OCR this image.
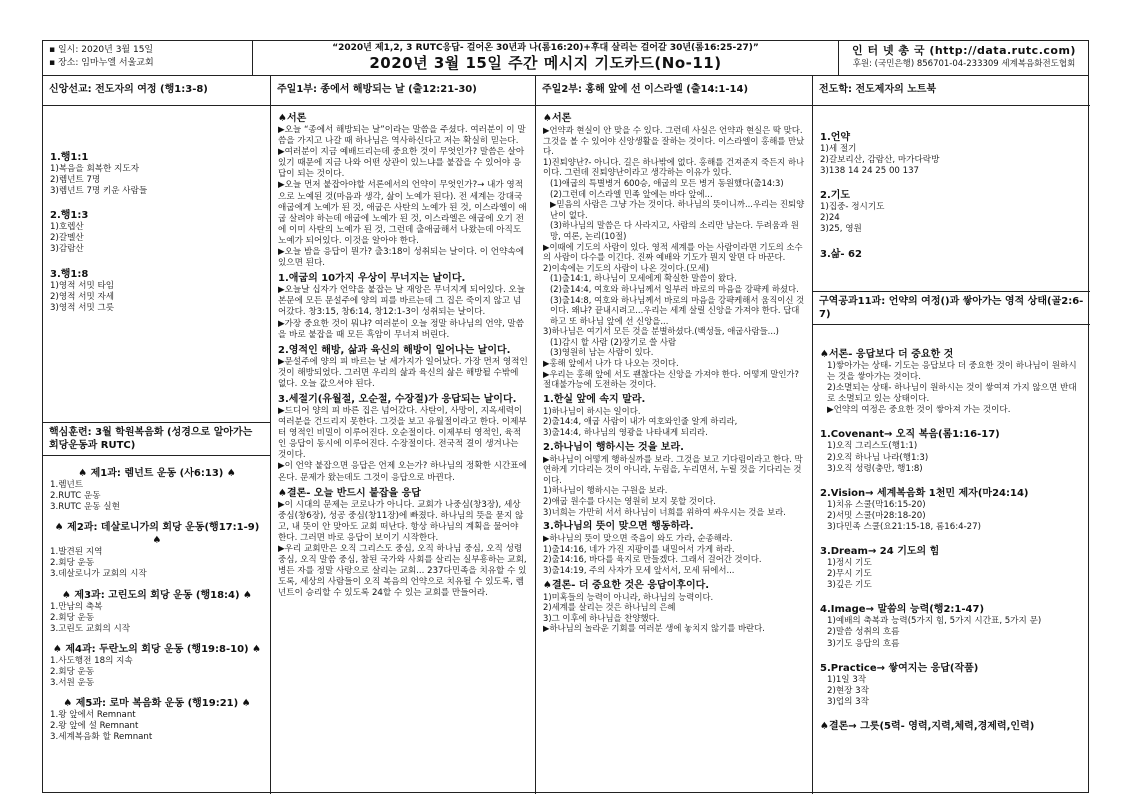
▪ 일시: 2020년 3월 15일
▪ 장소: 임마누엘 서울교회
“2020년 제1,2, 3 RUTC응답- 걸어온 30년과 나(롬16:20)+후대 살리는 걸어갈 30년(롬16:25-27)”
2020년 3월 15일 주간 메시지 기도카드(No-11)
인 터 넷 총 국 (http://data.rutc.com)
후원: (국민은행) 856701-04-233309 세계복음화전도협회
신앙선교: 전도자의 여정 (행1:3-8)
1.행1:1

1)복음을 회복한 지도자

2)렘넌트 7명

3)렘넌트 7명 키운 사람들

2.행1:3

1)호렙산

2)갈멜산

3)감람산

3.행1:8

1)영적 서밋 타임

2)영적 서밋 자세

3)영적 서밋 그릇

핵심훈련: 3월 학원복음화 (성경으로 알아가는 회당운동과 RUTC)
♠ 제1과: 렘넌트 운동 (사6:13) ♠

1.렘넌트

2.RUTC 운동

3.RUTC 운동 실현

♠ 제2과: 데살로니가의 회당 운동(행17:1-9) ♠

1.발견된 지역

2.회당 운동

3.데살로니가 교회의 시작

♠ 제3과: 고린도의 회당 운동 (행18:4) ♠

1.만남의 축복

2.회당 운동

3.고린도 교회의 시작

♠ 제4과: 두란노의 회당 운동 (행19:8-10) ♠

1.사도행전 18의 지속

2.회당 운동

3.서원 운동

♠ 제5과: 로마 복음화 운동 (행19:21) ♠

1.왕 앞에서 Remnant

2.왕 앞에 설 Remnant

3.세계복음화 할 Remnant

주일1부: 종에서 해방되는 날 (출12:21-30)
♠서론

▶오늘 “종에서 해방되는 날”이라는 말씀을 주셨다. 여러분이 이 말씀을 가지고 나갈 때 하나님은 역사하신다고 저는 확실히 믿는다.

▶여러분이 지금 예배드리는데 중요한 것이 무엇인가? 말씀은 살아있기 때문에 지금 나와 어떤 상관이 있느냐를 붙잡을 수 있어야 응답이 되는 것이다.

▶오늘 먼저 붙잡아야할 서론에서의 언약이 무엇인가?→ 내가 영적으로 노예된 것(마음과 생각, 삶이 노예가 된다). 전 세계는 강대국 애굽에게 노예가 된 것, 애굽은 사탄의 노예가 된 것, 이스라엘이 애굽 살려야 하는데 애굽에 노예가 된 것, 이스라엘은 애굽에 오기 전에 이미 사탄의 노예가 된 것, 그런데 출애굽해서 나왔는데 아직도 노예가 되어있다. 이것을 알아야 한다.

▶오늘 밤을 응답이 뭔가? 출3:18이 성취되는 날이다. 이 언약속에 있으면 된다.

1.애굽의 10가지 우상이 무너지는 날이다.

▶오늘날 십자가 언약을 붙잡는 날 재앙은 무너지게 되어있다. 오늘 본문에 모든 문설주에 양의 피를 바르는데 그 집은 죽이지 않고 넘어갔다. 창3:15, 창6:14, 창12:1-3이 성취되는 날이다.

▶가장 중요한 것이 뭐냐? 여러분이 오늘 정말 하나님의 언약, 말씀을 바로 붙잡을 때 모든 흑암이 무너져 버린다.

2.영적인 해방, 삶과 육신의 해방이 일어나는 날이다.

▶문설주에 양의 피 바르는 날 세가지가 일어났다. 가장 먼저 영적인 것이 해방되었다. 그러면 우리의 삶과 육신의 삶은 해방될 수밖에 없다. 오늘 값으셔야 된다.

3.세절기(유월절, 오순절, 수장절)가 응답되는 날이다.

▶드디어 양의 피 바른 집은 넘어갔다. 사탄이, 사망이, 지옥세력이 여러분을 건드리지 못한다. 그것을 보고 유월절이라고 한다. 이제부터 영적인 비밀이 이루어진다. 오순절이다. 이제부터 영적인, 육적인 응답이 동시에 이루어진다. 수장절이다. 전국적 결이 생겨나는 것이다.

▶이 언약 붙잡으면 응답은 언제 오는가? 하나님의 정확한 시간표에 온다. 문제가 왔는데도 그것이 응답으로 바뀐다.

♠결론- 오늘 반드시 붙잡을 응답

▶이 시대의 문제는 코로나가 아니다. 교회가 나중심(창3장), 세상 중심(창6장), 성공 중심(창11장)에 빠졌다. 하나님의 뜻을 묻지 않고, 내 뜻이 안 맞아도 교회 떠난다. 항상 하나님의 계획을 물어야 한다. 그러면 바로 응답이 보이기 시작한다.

▶우리 교회만은 오직 그리스도 중심, 오직 하나님 중심, 오직 성령 중심, 오직 말씀 중심, 참된 국가와 사회를 살리는 실부흥하는 교회, 병든 자를 정말 사랑으로 살리는 교회... 237다민족을 치유할 수 있도록, 세상의 사람들이 오직 복음의 언약으로 치유될 수 있도록, 렘넌트이 승리할 수 있도록 24할 수 있는 교회를 만들어라.

주일2부: 홍해 앞에 선 이스라엘 (출14:1-14)
♠서론

▶언약과 현실이 안 맞을 수 있다. 그런데 사실은 언약과 현실은 딱 맞다. 그것을 볼 수 있어야 신앙생활을 잘하는 것이다. 이스라엘이 홍해를 만났다.

1)진퇴양난?- 아니다. 길은 하나밖에 없다. 홍해를 건져준지 죽든지 하나이다. 그런데 진퇴양난이라고 생각하는 이유가 있다.

(1)애굽의 특별병거 600승, 애굽의 모든 병거 동원했다(출14:3)

(2)그런데 이스라엘 민족 앞에는 바다 앞에...

▶믿음의 사람은 그냥 가는 것이다. 하나님의 뜻이니까...우리는 진퇴양난이 없다.

(3)하나님의 말씀은 다 사라지고, 사람의 소리만 남는다. 두려움과 원망, 여론, 논리(10절)

▶이때에 기도의 사람이 있다. 영적 세계를 아는 사람이라면 기도의 소수의 사람이 다수를 이긴다. 진짜 예배와 기도가 뭔지 알면 다 바꾼다.

2)이속에는 기도의 사람이 나온 것이다.(모세)

(1)출14:1, 하나님이 모세에게 확실한 말씀이 왔다.

(2)출14:4, 여호와 하나님께서 일부러 바로의 마음을 강퍅케 하셨다.

(3)출14:8, 여호와 하나님께서 바로의 마음을 강퍅케해서 움직이신 것이다. 왜냐? 끝내시려고...우리는 세계 살릴 신앙을 가져야 한다. 답대하고 또 하나님 앞에 선 신앙을...

3)하나님은 여기서 모든 것을 분별하셨다.(백성들, 애굽사람들...)

(1)감시 할 사람 (2)장기로 쓸 사람

(3)영원히 남는 사람이 있다.

▶홍해 앞에서 나가 다 나오는 것이다.

▶우리는 홍해 앞에 서도 괜찮다는 신앙을 가져야 한다. 어떻게 말인가? 절대불가능에 도전하는 것이다.

1.한실 앞에 속지 말라.

1)하나님이 하시는 일이다.

2)출14:4, 애굽 사람이 내가 여호와인줄 알게 하리라,

3)출14:4, 하나님의 영광을 나타내게 되리라.

2.하나님이 행하시는 것을 보라.

▶하나님이 어떻게 행하실까를 보라. 그것을 보고 기다림이라고 한다. 막연하게 기다리는 것이 아니라, 누림을, 누리면서, 누릴 것을 기다리는 것이다.

1)하나님이 행하시는 구원을 보라.

2)애굽 원수를 다시는 영원히 보지 못할 것이다.

3)너희는 가만히 서서 하나님이 너희를 위하여 싸우시는 것을 보라.

3.하나님의 뜻이 맞으면 행동하라.

▶하나님의 뜻이 맞으면 죽음이 와도 가라, 순종해라.

1)출14:16, 네가 가진 지팡이를 내밀어서 가게 하라.

2)출14:16, 바다를 육지로 만들겠다. 그래서 걸어간 것이다.

3)출14:19, 주의 사자가 모세 앞서서, 모세 뒤에서...

♠결론- 더 중요한 것은 응답이후이다.

1)미혹들의 능력이 아니라, 하나님의 능력이다.

2)세계를 살리는 것은 하나님의 은혜

3)그 이후에 하나님을 찬양했다.

▶하나님의 놀라운 기회를 여러분 생에 놓치지 않기를 바란다.

전도학: 전도제자의 노트북
1.언약

1)세 절기

2)갈보리산, 감람산, 마가다락방

3)138 14 24 25 00 137

2.기도

1)집중- 정시기도

2)24

3)25, 영원

3.삶- 62
구역공과11과: 언약의 여정()과 쌓아가는 영적 상태(골2:6-7)
♠서론- 응답보다 더 중요한 것

1)쌓아가는 상태- 기도는 응답보다 더 중요한 것이 하나님이 원하시는 것을 쌓아가는 것이다.

2)소멸되는 상태- 하나님이 원하시는 것이 쌓여져 가지 않으면 반대로 소멸되고 있는 상태이다.

▶언약의 여정은 중요한 것이 쌓아져 가는 것이다.

1.Covenant→ 오직 복음(롬1:16-17)

1)오직 그리스도(행1:1)

2)오직 하나님 나라(행1:3)

3)오직 성령(충만, 행1:8)

2.Vision→ 세계복음화 1천민 제자(마24:14)

1)치유 스쿨(막16:15-20)

2)서밋 스쿨(마28:18-20)

3)다민족 스쿨(요21:15-18, 롬16:4-27)

3.Dream→ 24 기도의 힘

1)정시 기도

2)무시 기도

3)깊은 기도

4.Image→ 말씀의 능력(행2:1-47)

1)예배의 축복과 능력(5가지 힘, 5가지 시간표, 5가지 문)

2)말씀 성취의 흐름

3)기도 응답의 흐름

5.Practice→ 쌓여지는 응답(작품)

1)1일 3작

2)현장 3작

3)업의 3작

♠결론→ 그릇(5력- 영력,지력,체력,경제력,인력)
